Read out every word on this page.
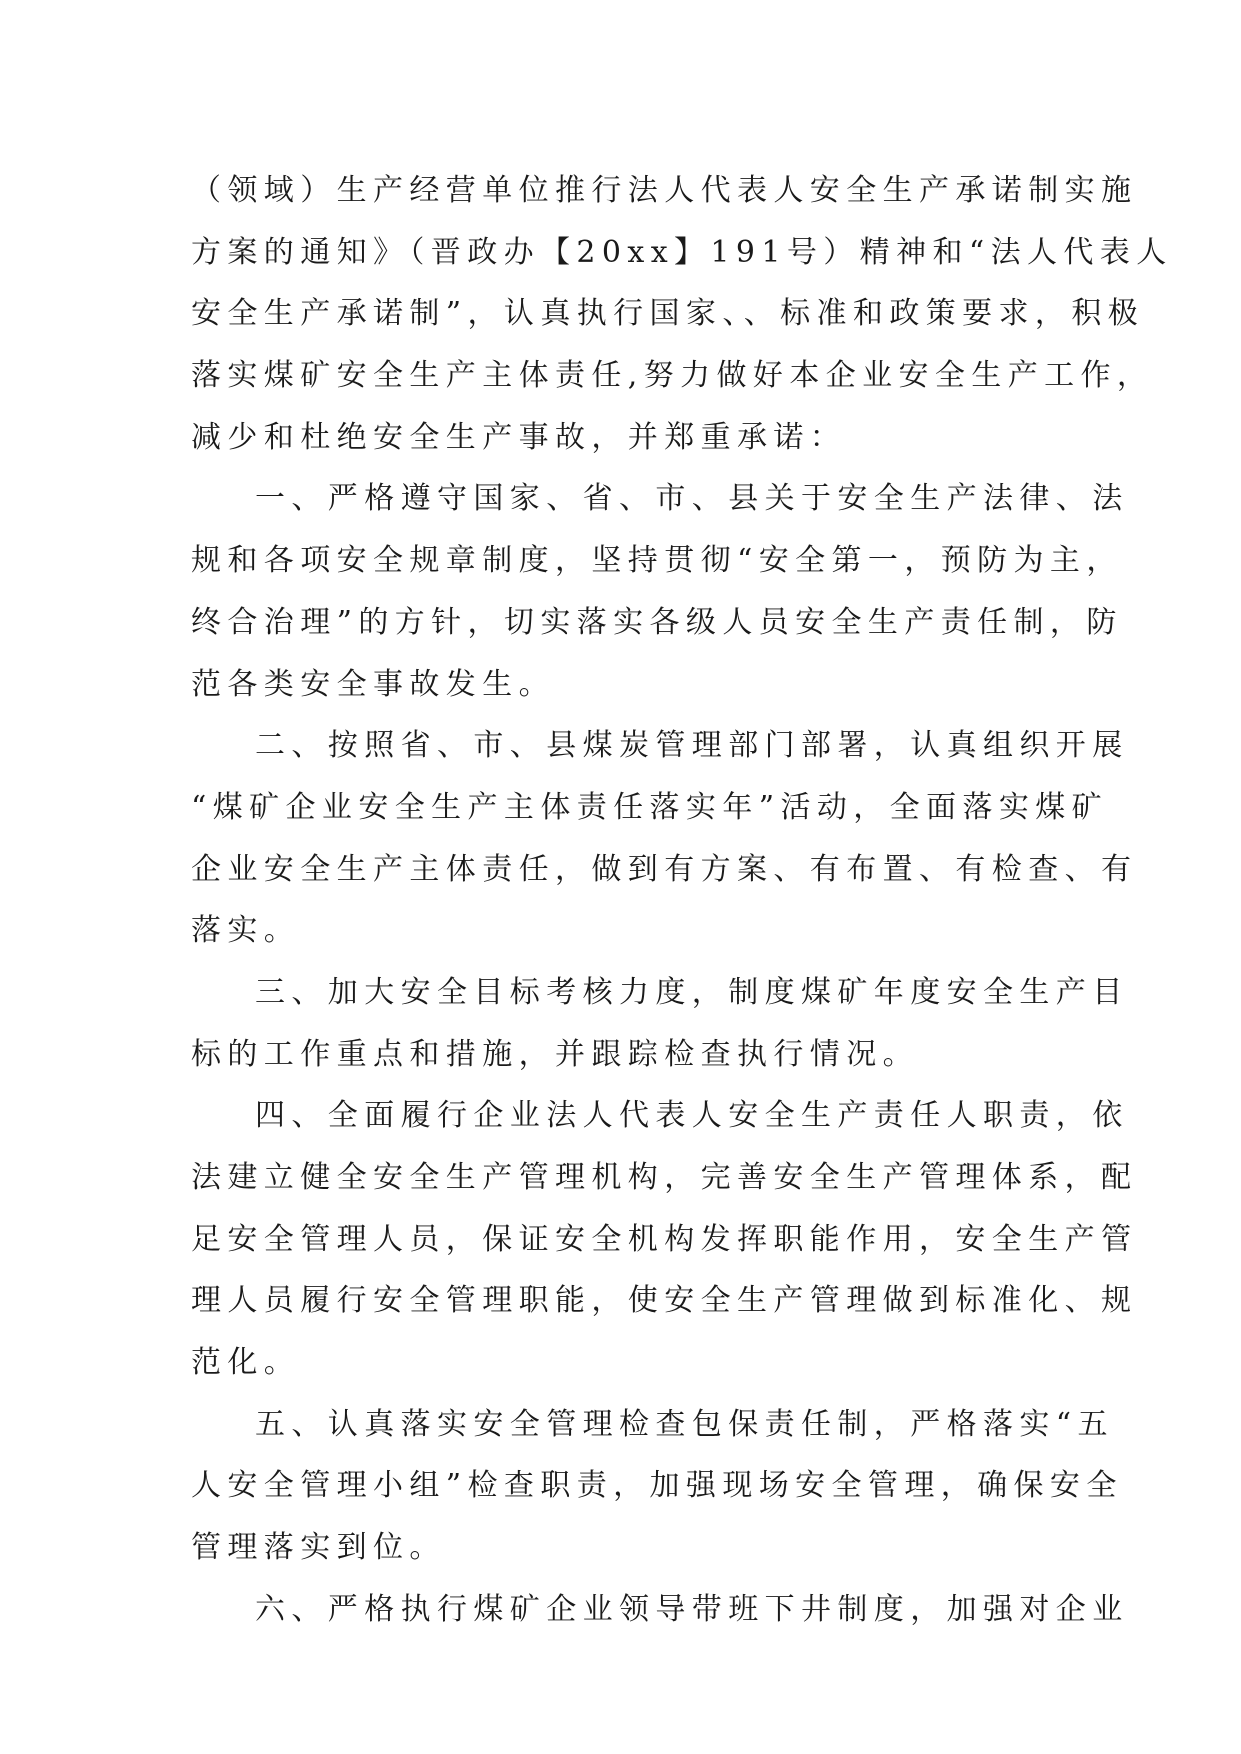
（领域）生产经营单位推行法人代表人安全生产承诺制实施
方案的通知》（晋政办【20xx】191号）精神和“法人代表人
安全生产承诺制”，认真执行国家、、标准和政策要求，积极
落实煤矿安全生产主体责任,努力做好本企业安全生产工作，
减少和杜绝安全生产事故，并郑重承诺：
一、严格遵守国家、省、市、县关于安全生产法律、法
规和各项安全规章制度，坚持贯彻“安全第一，预防为主，
终合治理”的方针，切实落实各级人员安全生产责任制，防
范各类安全事故发生。
二、按照省、市、县煤炭管理部门部署，认真组织开展
“煤矿企业安全生产主体责任落实年”活动，全面落实煤矿
企业安全生产主体责任，做到有方案、有布置、有检查、有
落实。
三、加大安全目标考核力度，制度煤矿年度安全生产目
标的工作重点和措施，并跟踪检查执行情况。
四、全面履行企业法人代表人安全生产责任人职责，依
法建立健全安全生产管理机构，完善安全生产管理体系，配
足安全管理人员，保证安全机构发挥职能作用，安全生产管
理人员履行安全管理职能，使安全生产管理做到标准化、规
范化。
五、认真落实安全管理检查包保责任制，严格落实“五
人安全管理小组”检查职责，加强现场安全管理，确保安全
管理落实到位。
六、严格执行煤矿企业领导带班下井制度，加强对企业
